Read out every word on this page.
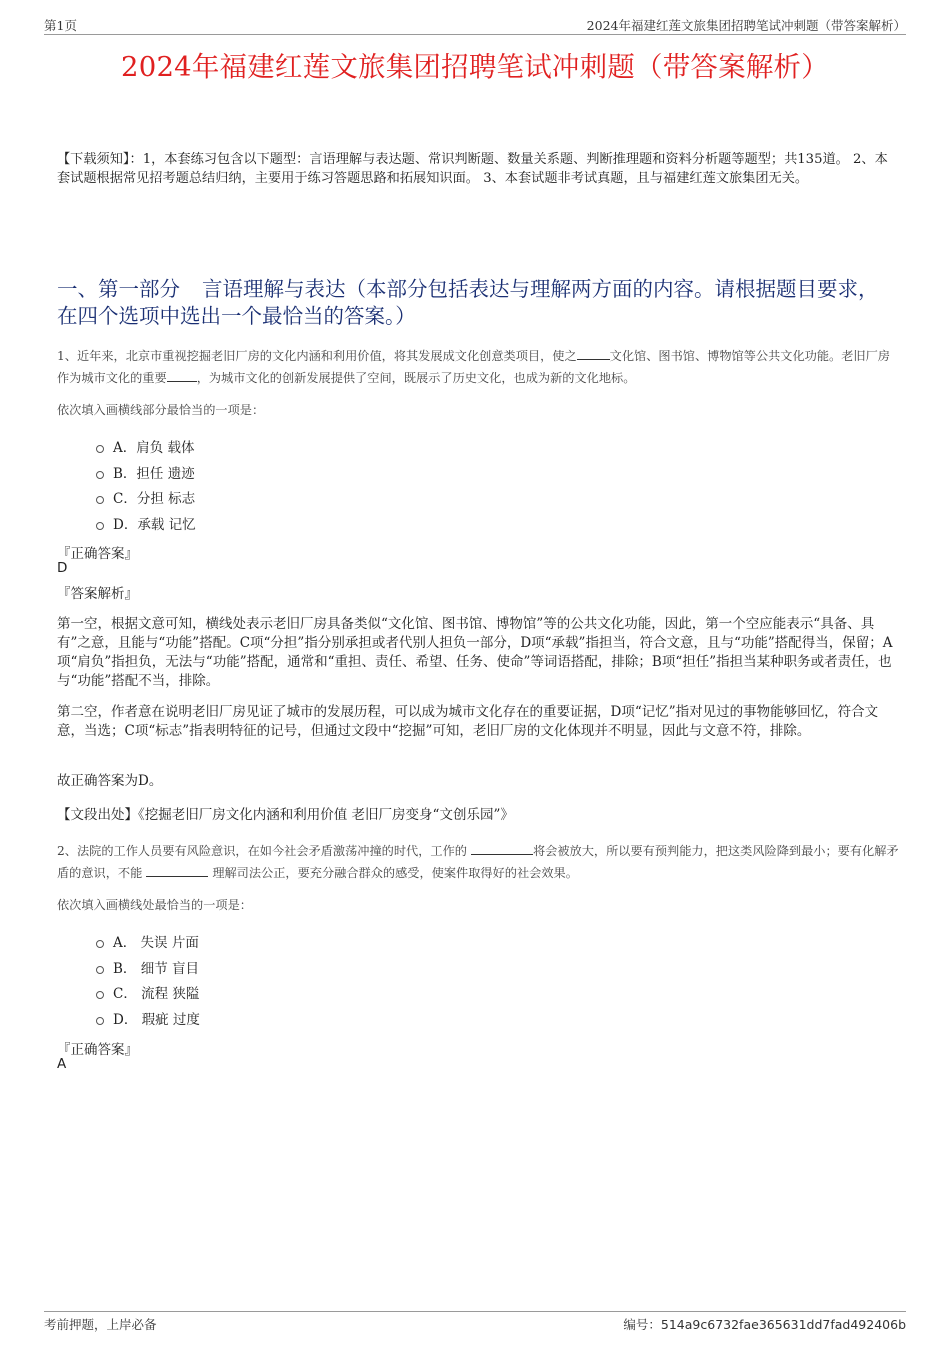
第1页	2024年福建红莲文旅集团招聘笔试冲刺题（带答案解析）
2024年福建红莲文旅集团招聘笔试冲刺题（带答案解析）
【下载须知】：1，本套练习包含以下题型：言语理解与表达题、常识判断题、数量关系题、判断推理题和资料分析题等题型；共135道。 2、本套试题根据常见招考题总结归纳，主要用于练习答题思路和拓展知识面。 3、本套试题非考试真题，且与福建红莲文旅集团无关。
一、第一部分 言语理解与表达（本部分包括表达与理解两方面的内容。请根据题目要求，在四个选项中选出一个最恰当的答案。）
1、近年来，北京市重视挖掘老旧厂房的文化内涵和利用价值，将其发展成文化创意类项目，使之	文化馆、图书馆、博物馆等公共文化功能。老旧厂房作为城市文化的重要 ，为城市文化的创新发展提供了空间，既展示了历史文化，也成为新的文化地标。
依次填入画横线部分最恰当的一项是：
A．肩负 载体
B．担任 遗迹
C．分担 标志
D．承载 记忆
『正确答案』
D
『答案解析』
第一空，根据文意可知，横线处表示老旧厂房具备类似“文化馆、图书馆、博物馆”等的公共文化功能，因此，第一个空应能表示“具备、具有”之意，且能与“功能”搭配。C项“分担”指分别承担或者代别人担负一部分，D项“承载”指担当，符合文意，且与“功能”搭配得当，保留；A项“肩负”指担负，无法与“功能”搭配，通常和“重担、责任、希望、任务、使命”等词语搭配，排除；B项“担任”指担当某种职务或者责任，也与“功能”搭配不当，排除。
第二空，作者意在说明老旧厂房见证了城市的发展历程，可以成为城市文化存在的重要证据，D项“记忆”指对见过的事物能够回忆，符合文意，当选；C项“标志”指表明特征的记号，但通过文段中“挖掘”可知，老旧厂房的文化体现并不明显，因此与文意不符，排除。
故正确答案为D。
【文段出处】《挖掘老旧厂房文化内涵和利用价值 老旧厂房变身“文创乐园”》
2、法院的工作人员要有风险意识，在如今社会矛盾激荡冲撞的时代，工作的	将会被放大，所以要有预判能力，把这类风险降到最小；要有化解矛盾的意识，不能	理解司法公正，要充分融合群众的感受，使案件取得好的社会效果。
依次填入画横线处最恰当的一项是：
A． 失误 片面
B． 细节 盲目
C． 流程 狭隘
D． 瑕疵 过度
『正确答案』
A
考前押题，上岸必备	编号：514a9c6732fae365631dd7fad492406b
